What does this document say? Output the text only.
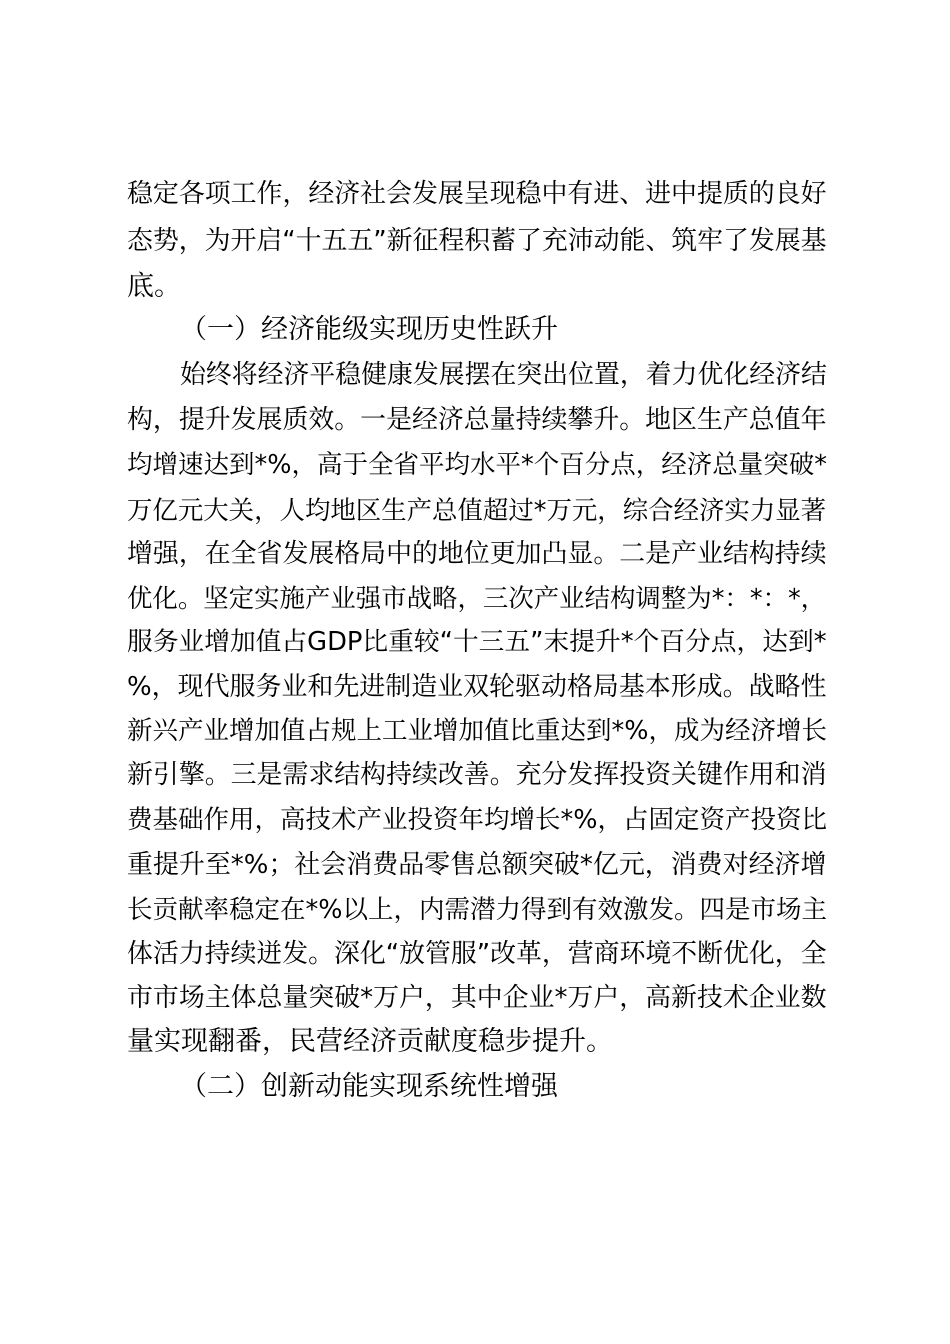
稳定各项工作，经济社会发展呈现稳中有进、进中提质的良好
态势，为开启“十五五”新征程积蓄了充沛动能、筑牢了发展基
底。
（一）经济能级实现历史性跃升
始终将经济平稳健康发展摆在突出位置，着力优化经济结
构，提升发展质效。一是经济总量持续攀升。地区生产总值年
均增速达到*%，高于全省平均水平*个百分点，经济总量突破*
万亿元大关，人均地区生产总值超过*万元，综合经济实力显著
增强，在全省发展格局中的地位更加凸显。二是产业结构持续
优化。坚定实施产业强市战略，三次产业结构调整为*：*：*，
服务业增加值占GDP比重较“十三五”末提升*个百分点，达到*
%，现代服务业和先进制造业双轮驱动格局基本形成。战略性
新兴产业增加值占规上工业增加值比重达到*%，成为经济增长
新引擎。三是需求结构持续改善。充分发挥投资关键作用和消
费基础作用，高技术产业投资年均增长*%，占固定资产投资比
重提升至*%；社会消费品零售总额突破*亿元，消费对经济增
长贡献率稳定在*%以上，内需潜力得到有效激发。四是市场主
体活力持续迸发。深化“放管服”改革，营商环境不断优化，全
市市场主体总量突破*万户，其中企业*万户，高新技术企业数
量实现翻番，民营经济贡献度稳步提升。
（二）创新动能实现系统性增强
